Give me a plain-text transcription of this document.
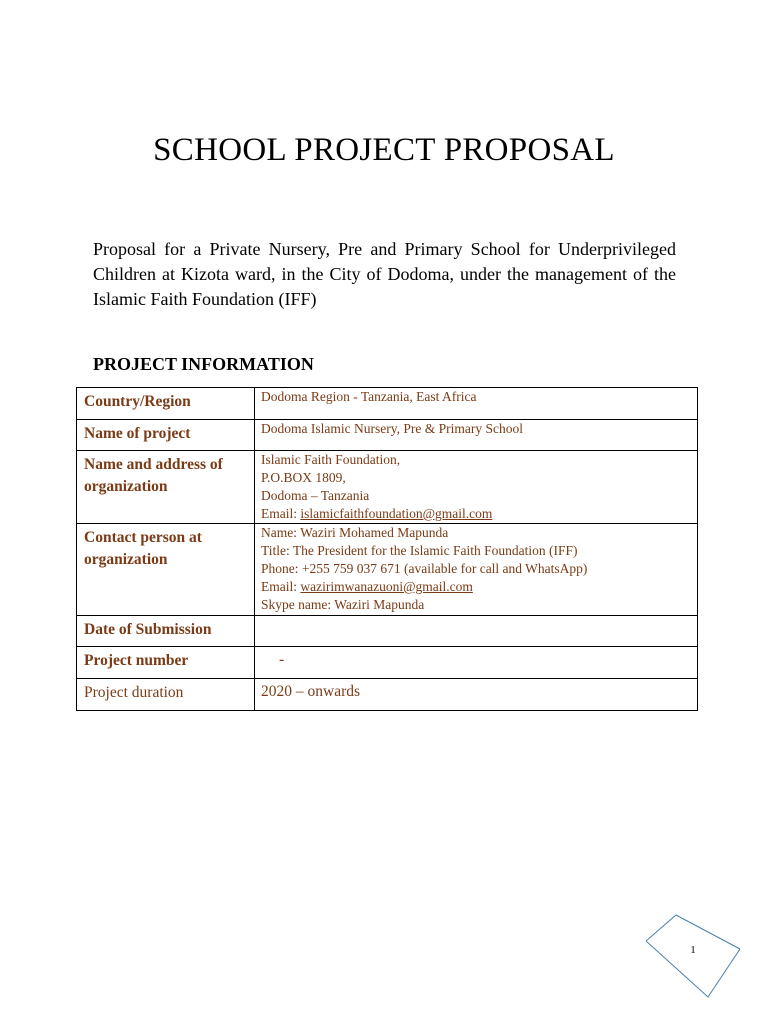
SCHOOL PROJECT PROPOSAL

Proposal for a Private Nursery, Pre and Primary School for Underprivileged Children at Kizota ward, in the City of Dodoma, under the management of the Islamic Faith Foundation (IFF)

PROJECT INFORMATION
Country/Region	Dodoma Region - Tanzania, East Africa

Name of project	Dodoma Islamic Nursery, Pre & Primary School

Name and address of organization	Islamic Faith Foundation,
P.O.BOX 1809,
Dodoma – Tanzania
Email: islamicfaithfoundation@gmail.com

Contact person at organization	Name: Waziri Mohamed Mapunda
Title: The President for the Islamic Faith Foundation (IFF)
Phone: +255 759 037 671 (available for call and WhatsApp)
Email: wazirimwanazuoni@gmail.com
Skype name: Waziri Mapunda

Date of Submission	
Project number	-
Project duration	2020 – onwards
1
